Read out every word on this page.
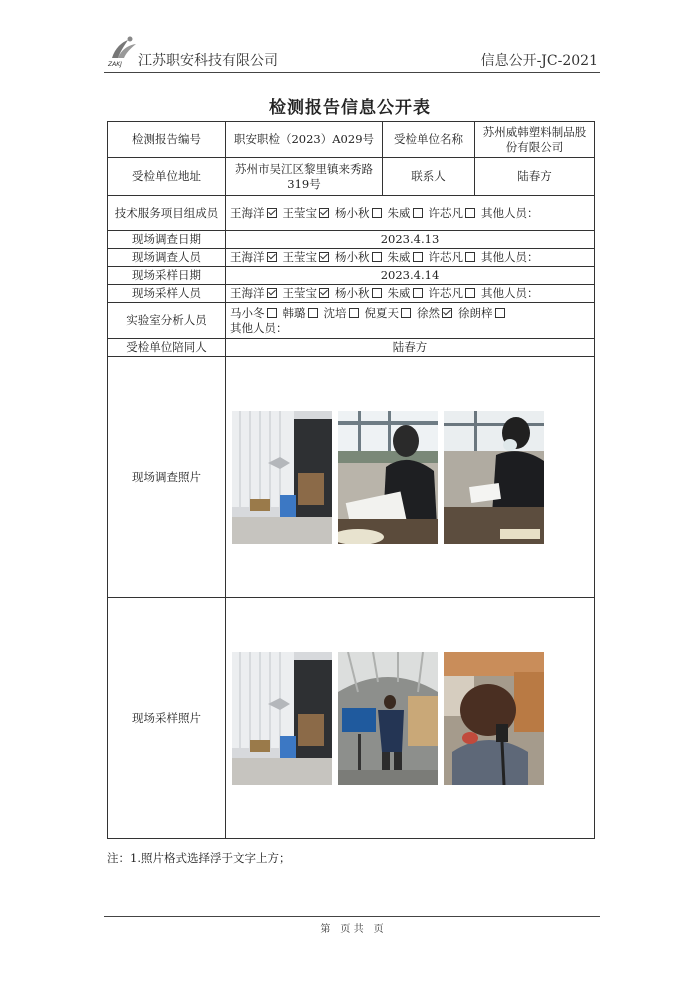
ZAKJ 江苏职安科技有限公司	信息公开-JC-2021
检测报告信息公开表
检测报告编号	职安职检（2023）A029号	受检单位名称	苏州威韩塑料制品股份有限公司
受检单位地址	苏州市吴江区黎里镇来秀路319号	联系人	陆春方
技术服务项目组成员	王海洋 王莹宝 杨小秋 朱威 许芯凡 其他人员：		
现场调查日期	2023.4.13		
现场调查人员	王海洋 王莹宝 杨小秋 朱威 许芯凡 其他人员：		
现场采样日期	2023.4.14		
现场采样人员	王海洋 王莹宝 杨小秋 朱威 许芯凡 其他人员：		
实验室分析人员	马小冬 韩璐 沈培 倪夏天 徐然 徐朗梓
其他人员：		

受检单位陪同人	陆春方		
现场调查照片	

现场采样照片	
注：1.照片格式选择浮于文字上方；
第　页 共　页
